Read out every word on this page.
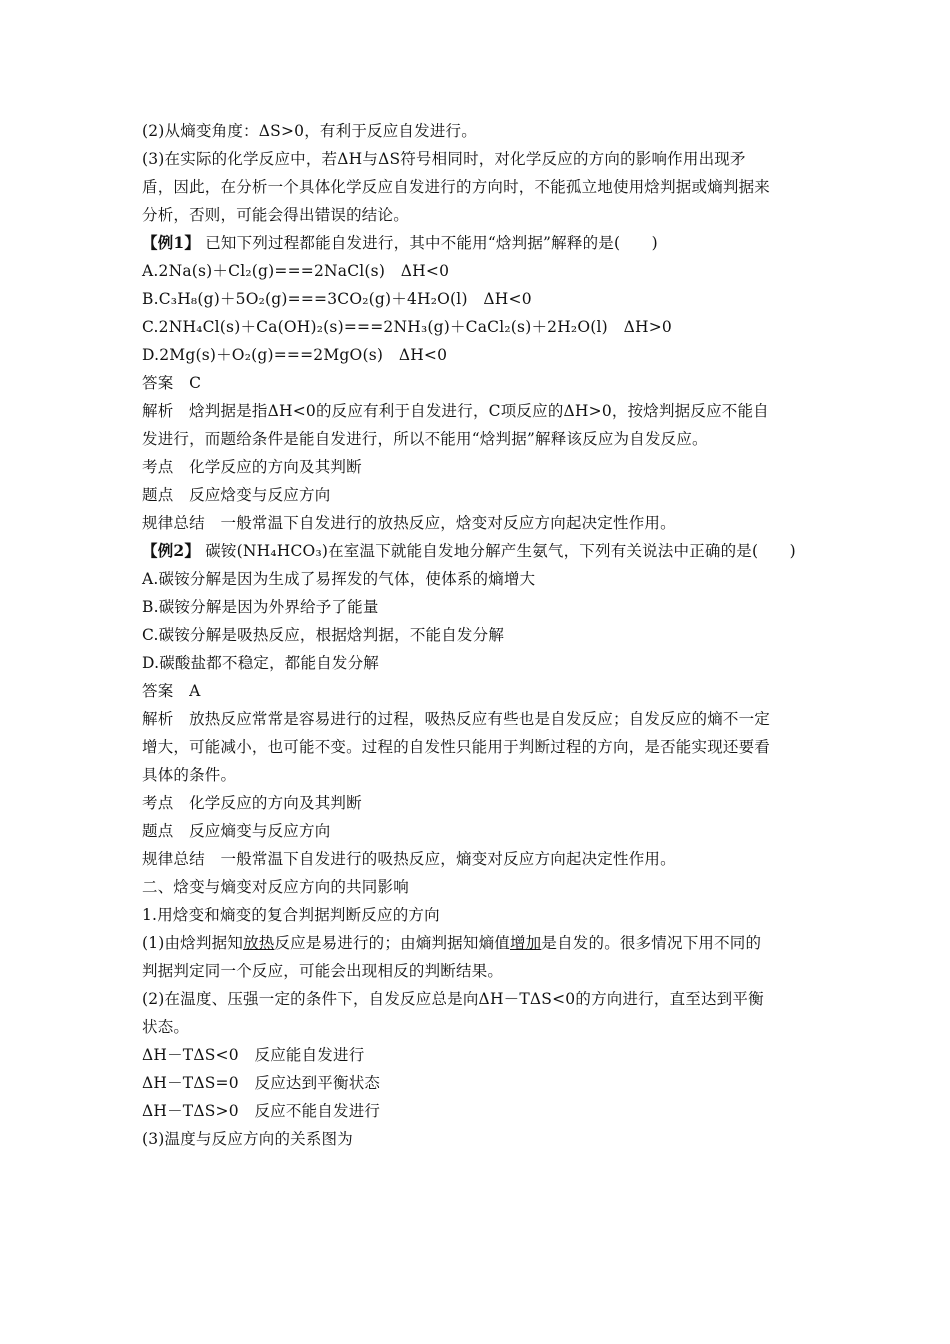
(2)从熵变角度：ΔS>0，有利于反应自发进行。
(3)在实际的化学反应中，若ΔH与ΔS符号相同时，对化学反应的方向的影响作用出现矛
盾，因此，在分析一个具体化学反应自发进行的方向时，不能孤立地使用焓判据或熵判据来
分析，否则，可能会得出错误的结论。
【例1】 已知下列过程都能自发进行，其中不能用“焓判据”解释的是(　　)
A.2Na(s)＋Cl₂(g)===2NaCl(s)　ΔH<0
B.C₃H₈(g)＋5O₂(g)===3CO₂(g)＋4H₂O(l)　ΔH<0
C.2NH₄Cl(s)＋Ca(OH)₂(s)===2NH₃(g)＋CaCl₂(s)＋2H₂O(l)　ΔH>0
D.2Mg(s)＋O₂(g)===2MgO(s)　ΔH<0
答案　C
解析　焓判据是指ΔH<0的反应有利于自发进行，C项反应的ΔH>0，按焓判据反应不能自
发进行，而题给条件是能自发进行，所以不能用“焓判据”解释该反应为自发反应。
考点　化学反应的方向及其判断
题点　反应焓变与反应方向
规律总结　一般常温下自发进行的放热反应，焓变对反应方向起决定性作用。
【例2】 碳铵(NH₄HCO₃)在室温下就能自发地分解产生氨气，下列有关说法中正确的是(　　)
A.碳铵分解是因为生成了易挥发的气体，使体系的熵增大
B.碳铵分解是因为外界给予了能量
C.碳铵分解是吸热反应，根据焓判据，不能自发分解
D.碳酸盐都不稳定，都能自发分解
答案　A
解析　放热反应常常是容易进行的过程，吸热反应有些也是自发反应；自发反应的熵不一定
增大，可能减小，也可能不变。过程的自发性只能用于判断过程的方向，是否能实现还要看
具体的条件。
考点　化学反应的方向及其判断
题点　反应熵变与反应方向
规律总结　一般常温下自发进行的吸热反应，熵变对反应方向起决定性作用。
二、焓变与熵变对反应方向的共同影响
1.用焓变和熵变的复合判据判断反应的方向
(1)由焓判据知放热反应是易进行的；由熵判据知熵值增加是自发的。很多情况下用不同的
判据判定同一个反应，可能会出现相反的判断结果。
(2)在温度、压强一定的条件下，自发反应总是向ΔH－TΔS<0的方向进行，直至达到平衡
状态。
ΔH－TΔS<0　反应能自发进行
ΔH－TΔS=0　反应达到平衡状态
ΔH－TΔS>0　反应不能自发进行
(3)温度与反应方向的关系图为
